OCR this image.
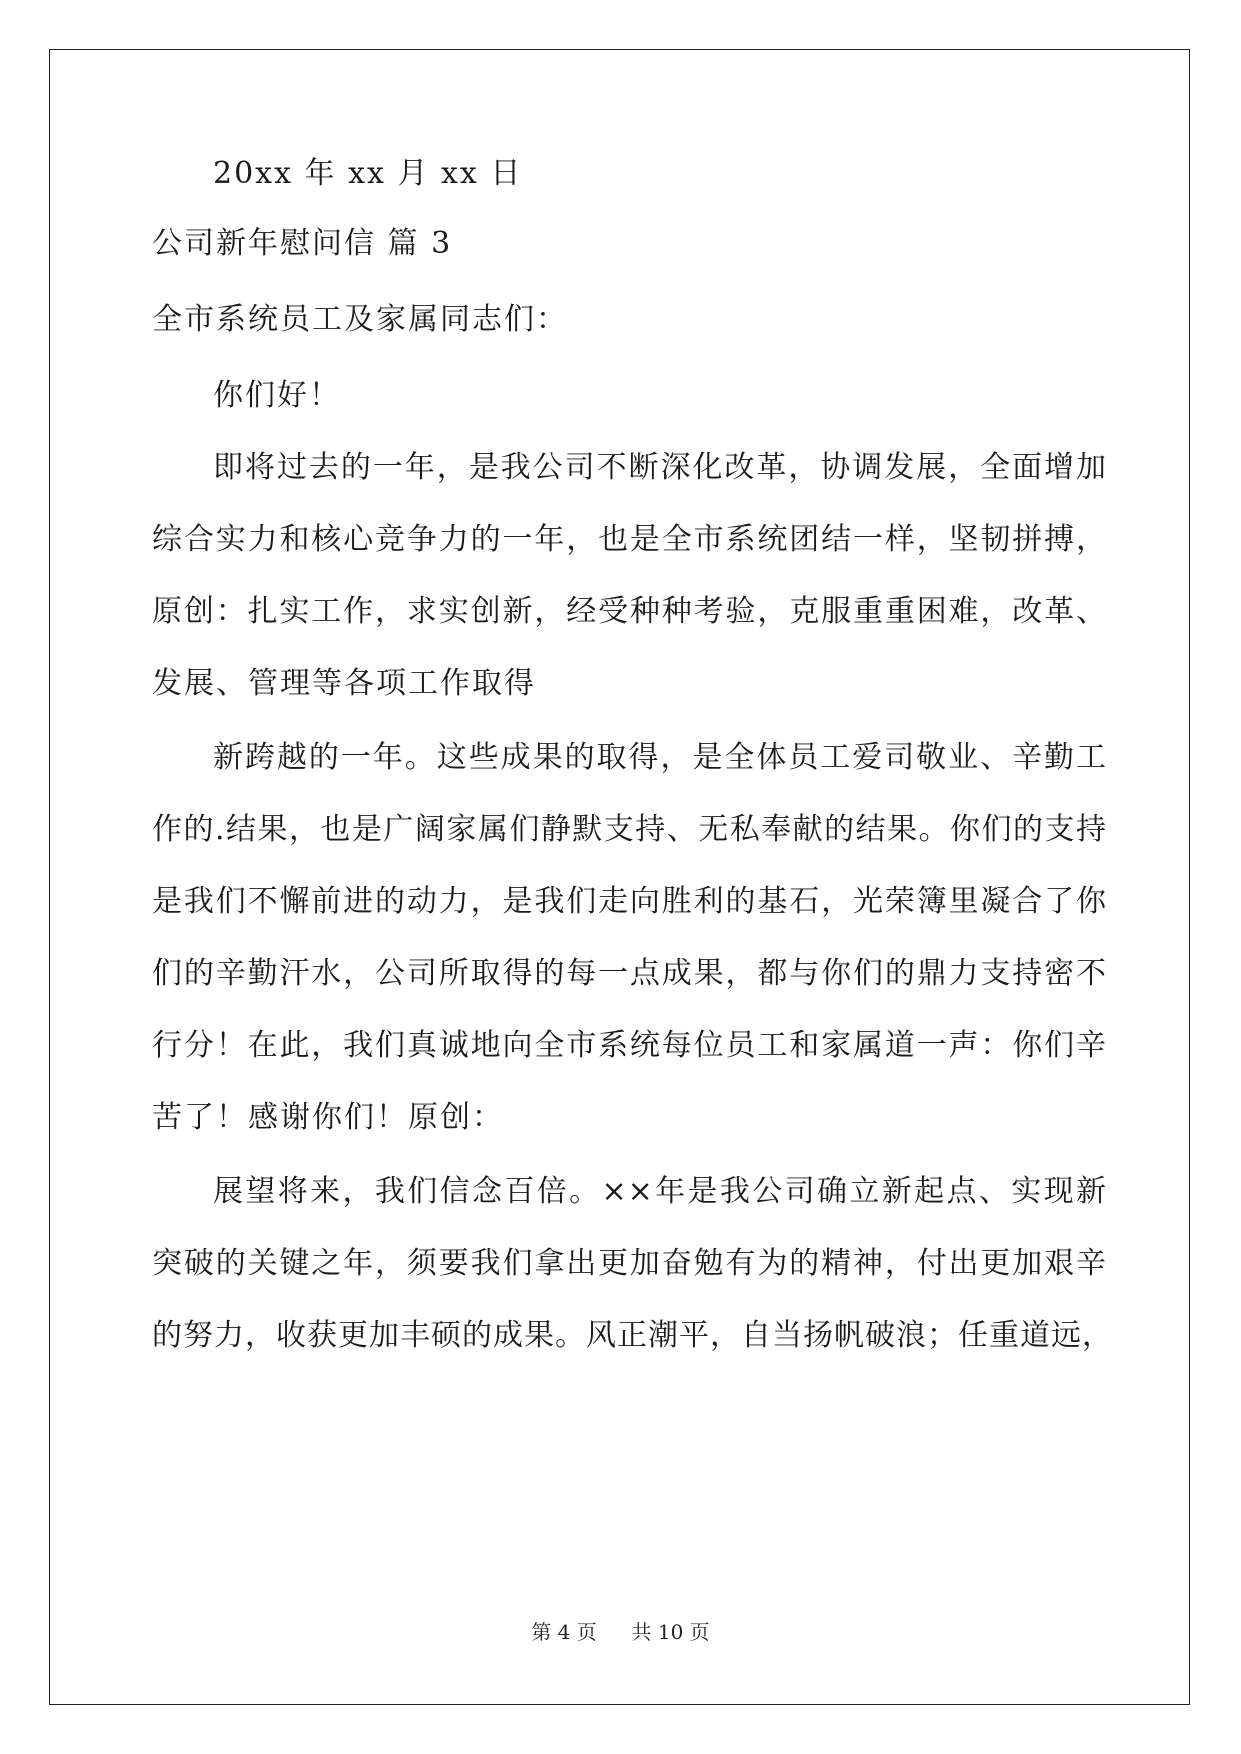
20xx 年 xx 月 xx 日
公司新年慰问信 篇 3
全市系统员工及家属同志们：
你们好！
即将过去的一年，是我公司不断深化改革，协调发展，全面增加
综合实力和核心竞争力的一年，也是全市系统团结一样，坚韧拼搏，
原创：扎实工作，求实创新，经受种种考验，克服重重困难，改革、
发展、管理等各项工作取得
新跨越的一年。这些成果的取得，是全体员工爱司敬业、辛勤工
作的.结果，也是广阔家属们静默支持、无私奉献的结果。你们的支持
是我们不懈前进的动力，是我们走向胜利的基石，光荣簿里凝合了你
们的辛勤汗水，公司所取得的每一点成果，都与你们的鼎力支持密不
行分！在此，我们真诚地向全市系统每位员工和家属道一声：你们辛
苦了！感谢你们！原创：
展望将来，我们信念百倍。××年是我公司确立新起点、实现新
突破的关键之年，须要我们拿出更加奋勉有为的精神，付出更加艰辛
的努力，收获更加丰硕的成果。风正潮平，自当扬帆破浪；任重道远，
第 4 页 共 10 页
